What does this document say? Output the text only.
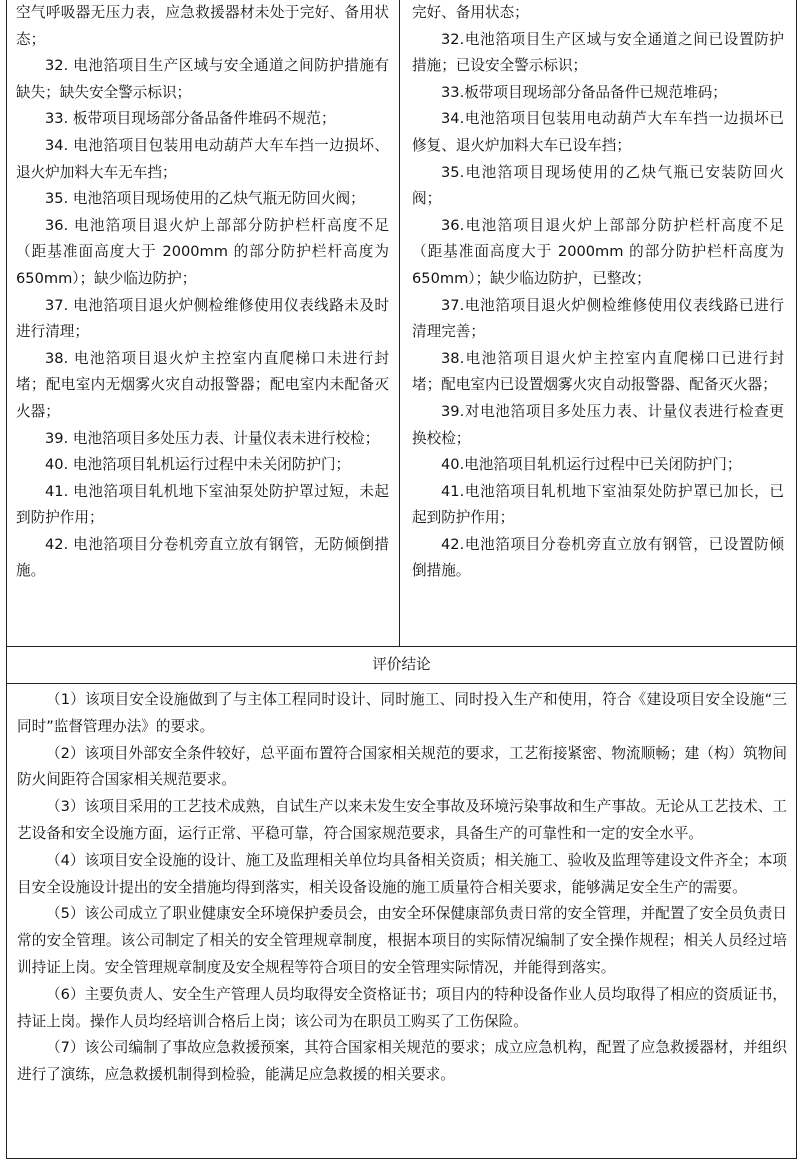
空气呼吸器无压力表，应急救援器材未处于完好、备用状态；

32. 电池箔项目生产区域与安全通道之间防护措施有缺失；缺失安全警示标识；

33. 板带项目现场部分备品备件堆码不规范；

34. 电池箔项目包装用电动葫芦大车车挡一边损坏、退火炉加料大车无车挡；

35. 电池箔项目现场使用的乙炔气瓶无防回火阀；

36. 电池箔项目退火炉上部部分防护栏杆高度不足（距基准面高度大于 2000mm 的部分防护栏杆高度为 650mm）；缺少临边防护；

37. 电池箔项目退火炉侧检维修使用仪表线路未及时进行清理；

38. 电池箔项目退火炉主控室内直爬梯口未进行封堵；配电室内无烟雾火灾自动报警器；配电室内未配备灭火器；

39. 电池箔项目多处压力表、计量仪表未进行校检；

40. 电池箔项目轧机运行过程中未关闭防护门；

41. 电池箔项目轧机地下室油泵处防护罩过短，未起到防护作用；

42. 电池箔项目分卷机旁直立放有钢管，无防倾倒措施。

完好、备用状态；

32.电池箔项目生产区域与安全通道之间已设置防护措施；已设安全警示标识；

33.板带项目现场部分备品备件已规范堆码；

34.电池箔项目包装用电动葫芦大车车挡一边损坏已修复、退火炉加料大车已设车挡；

35.电池箔项目现场使用的乙炔气瓶已安装防回火阀；

36.电池箔项目退火炉上部部分防护栏杆高度不足（距基准面高度大于 2000mm 的部分防护栏杆高度为 650mm）；缺少临边防护，已整改；

37.电池箔项目退火炉侧检维修使用仪表线路已进行清理完善；

38.电池箔项目退火炉主控室内直爬梯口已进行封堵；配电室内已设置烟雾火灾自动报警器、配备灭火器；

39.对电池箔项目多处压力表、计量仪表进行检查更换校检；

40.电池箔项目轧机运行过程中已关闭防护门；

41.电池箔项目轧机地下室油泵处防护罩已加长，已起到防护作用；

42.电池箔项目分卷机旁直立放有钢管，已设置防倾倒措施。

评价结论

（1）该项目安全设施做到了与主体工程同时设计、同时施工、同时投入生产和使用，符合《建设项目安全设施“三同时”监督管理办法》的要求。

（2）该项目外部安全条件较好，总平面布置符合国家相关规范的要求，工艺衔接紧密、物流顺畅；建（构）筑物间防火间距符合国家相关规范要求。

（3）该项目采用的工艺技术成熟，自试生产以来未发生安全事故及环境污染事故和生产事故。无论从工艺技术、工艺设备和安全设施方面，运行正常、平稳可靠，符合国家规范要求，具备生产的可靠性和一定的安全水平。

（4）该项目安全设施的设计、施工及监理相关单位均具备相关资质；相关施工、验收及监理等建设文件齐全；本项目安全设施设计提出的安全措施均得到落实，相关设备设施的施工质量符合相关要求，能够满足安全生产的需要。

（5）该公司成立了职业健康安全环境保护委员会，由安全环保健康部负责日常的安全管理，并配置了安全员负责日常的安全管理。该公司制定了相关的安全管理规章制度，根据本项目的实际情况编制了安全操作规程；相关人员经过培训持证上岗。安全管理规章制度及安全规程等符合项目的安全管理实际情况，并能得到落实。

（6）主要负责人、安全生产管理人员均取得安全资格证书；项目内的特种设备作业人员均取得了相应的资质证书，持证上岗。操作人员均经培训合格后上岗；该公司为在职员工购买了工伤保险。

（7）该公司编制了事故应急救援预案，其符合国家相关规范的要求；成立应急机构，配置了应急救援器材，并组织进行了演练，应急救援机制得到检验，能满足应急救援的相关要求。
